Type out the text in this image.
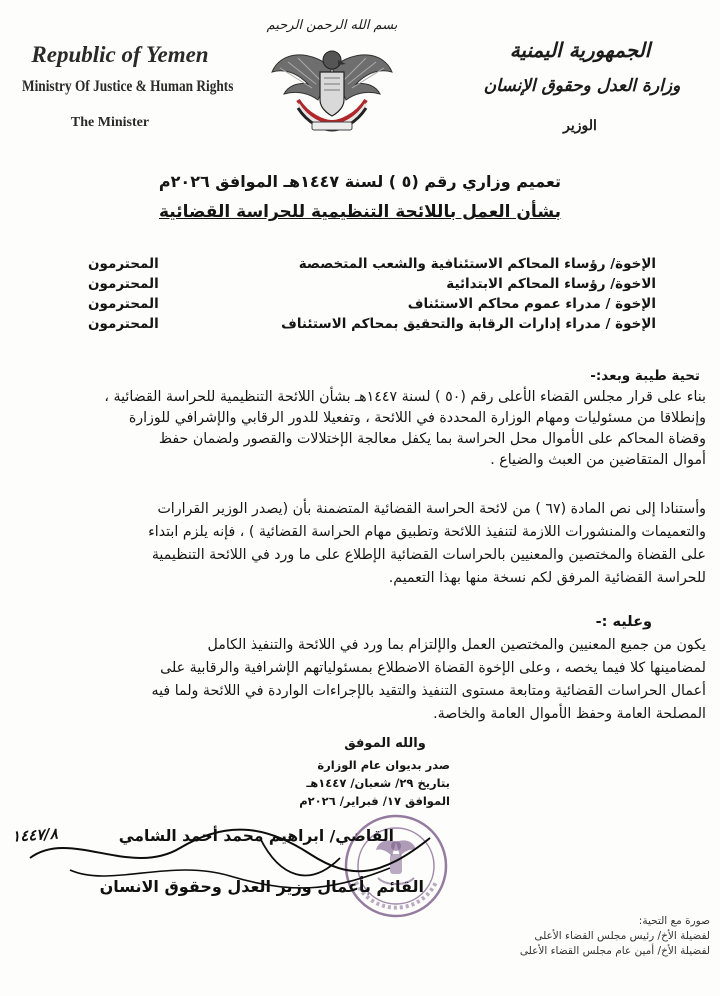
Republic of Yemen
Ministry Of Justice & Human Rights
The Minister
بسم الله الرحمن الرحيم
الجمهورية اليمنية
وزارة العدل وحقوق الإنسان
الوزير
تعميم وزاري رقم (٥ ) لسنة ١٤٤٧هـ الموافق ٢٠٢٦م
بشأن العمل باللائحة التنظيمية للحراسة القضائية
المحترمون	الإخوة/ رؤساء المحاكم الاستئنافية والشعب المتخصصة
المحترمون	الاخوة/ رؤساء المحاكم الابتدائية
المحترمون	الإخوة / مدراء عموم محاكم الاستئناف
المحترمون	الإخوة / مدراء إدارات الرقابة والتحقيق بمحاكم الاستئناف
تحية طيبة وبعد:-
بناء على قرار مجلس القضاء الأعلى رقم (٥٠ ) لسنة ١٤٤٧هـ بشأن اللائحة التنظيمية للحراسة القضائية ،
وإنطلاقا من مسئوليات ومهام الوزارة المحددة في اللائحة ، وتفعيلا للدور الرقابي والإشرافي للوزارة
وقضاة المحاكم على الأموال محل الحراسة بما يكفل معالجة الإختلالات والقصور ولضمان حفظ
أموال المتقاضين من العبث والضياع .
وأستنادا إلى نص المادة (٦٧ ) من لائحة الحراسة القضائية المتضمنة بأن (يصدر الوزير القرارات
والتعميمات والمنشورات اللازمة لتنفيذ اللائحة وتطبيق مهام الحراسة القضائية ) ، فإنه يلزم ابتداء
على القضاة والمختصين والمعنيين بالحراسات القضائية الإطلاع على ما ورد في اللائحة التنظيمية
للحراسة القضائية المرفق لكم نسخة منها بهذا التعميم.
وعليه :-
يكون من جميع المعنيين والمختصين العمل والإلتزام بما ورد في اللائحة والتنفيذ الكامل
لمضامينها كلا فيما يخصه ، وعلى الإخوة القضاة الاضطلاع بمسئولياتهم الإشرافية والرقابية على
أعمال الحراسات القضائية ومتابعة مستوى التنفيذ والتقيد بالإجراءات الواردة في اللائحة ولما فيه
المصلحة العامة وحفظ الأموال العامة والخاصة.
والله الموفق
صدر بديوان عام الوزارة
بتاريخ ٢٩/ شعبان/ ١٤٤٧هـ
الموافق ١٧/ فبراير/ ٢٠٢٦م
١٤٤٧/٨	القاضي/ ابراهيم محمد أحمد الشامي
القائم بأعمال وزير العدل وحقوق الانسان
صورة مع التحية:
لفضيلة الأخ/ رئيس مجلس القضاء الأعلى
لفضيلة الأخ/ أمين عام مجلس القضاء الأعلى
